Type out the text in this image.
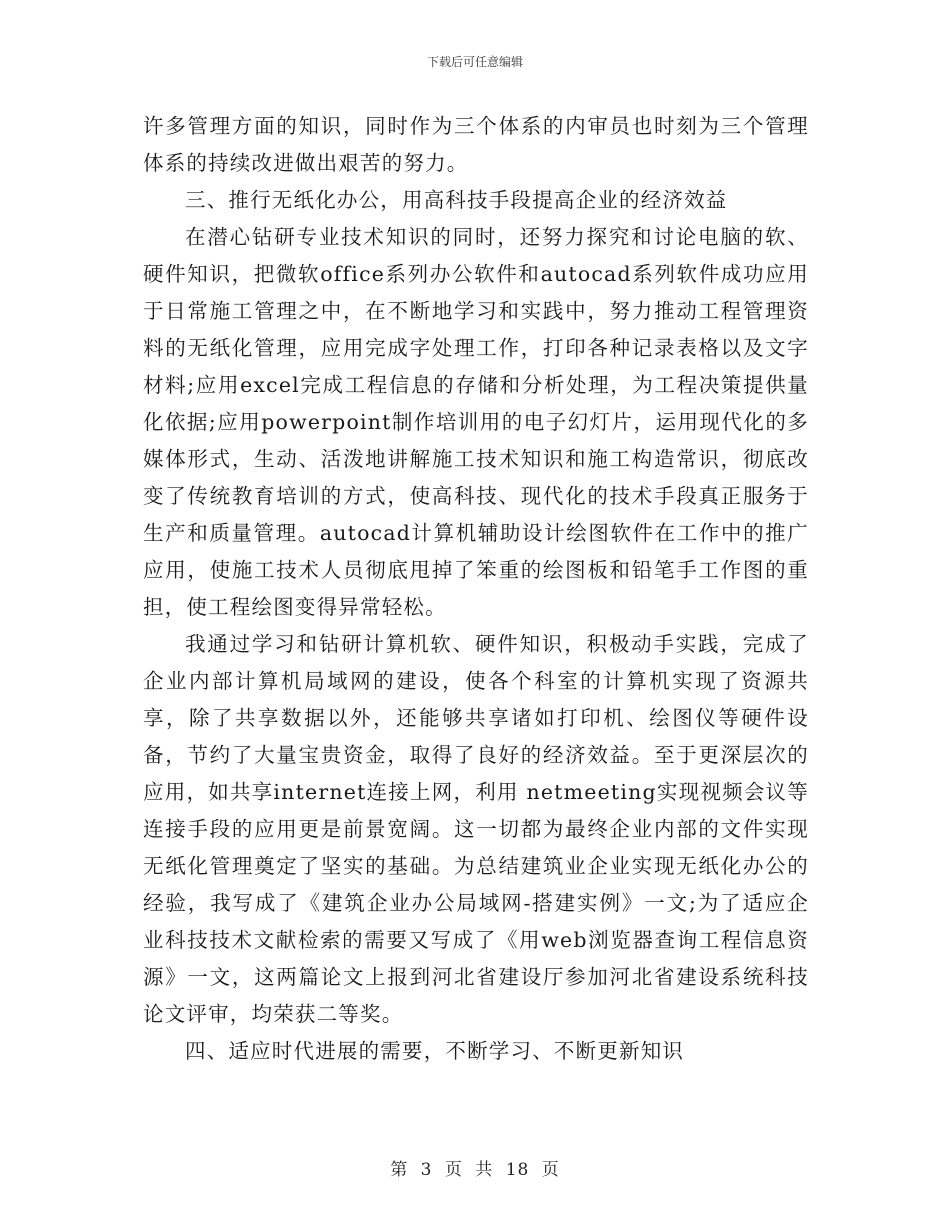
下载后可任意编辑

许多管理方面的知识，同时作为三个体系的内审员也时刻为三个管理体系的持续改进做出艰苦的努力。

三、推行无纸化办公，用高科技手段提高企业的经济效益

在潜心钻研专业技术知识的同时，还努力探究和讨论电脑的软、硬件知识，把微软office系列办公软件和autocad系列软件成功应用于日常施工管理之中，在不断地学习和实践中，努力推动工程管理资料的无纸化管理，应用完成字处理工作，打印各种记录表格以及文字材料;应用excel完成工程信息的存储和分析处理，为工程决策提供量化依据;应用powerpoint制作培训用的电子幻灯片，运用现代化的多媒体形式，生动、活泼地讲解施工技术知识和施工构造常识，彻底改变了传统教育培训的方式，使高科技、现代化的技术手段真正服务于生产和质量管理。autocad计算机辅助设计绘图软件在工作中的推广应用，使施工技术人员彻底甩掉了笨重的绘图板和铅笔手工作图的重担，使工程绘图变得异常轻松。

我通过学习和钻研计算机软、硬件知识，积极动手实践，完成了企业内部计算机局域网的建设，使各个科室的计算机实现了资源共享，除了共享数据以外，还能够共享诸如打印机、绘图仪等硬件设备，节约了大量宝贵资金，取得了良好的经济效益。至于更深层次的应用，如共享internet连接上网，利用 netmeeting实现视频会议等连接手段的应用更是前景宽阔。这一切都为最终企业内部的文件实现无纸化管理奠定了坚实的基础。为总结建筑业企业实现无纸化办公的经验，我写成了《建筑企业办公局域网-搭建实例》一文;为了适应企业科技技术文献检索的需要又写成了《用web浏览器查询工程信息资源》一文，这两篇论文上报到河北省建设厅参加河北省建设系统科技论文评审，均荣获二等奖。

四、适应时代进展的需要，不断学习、不断更新知识

第 3 页 共 18 页
